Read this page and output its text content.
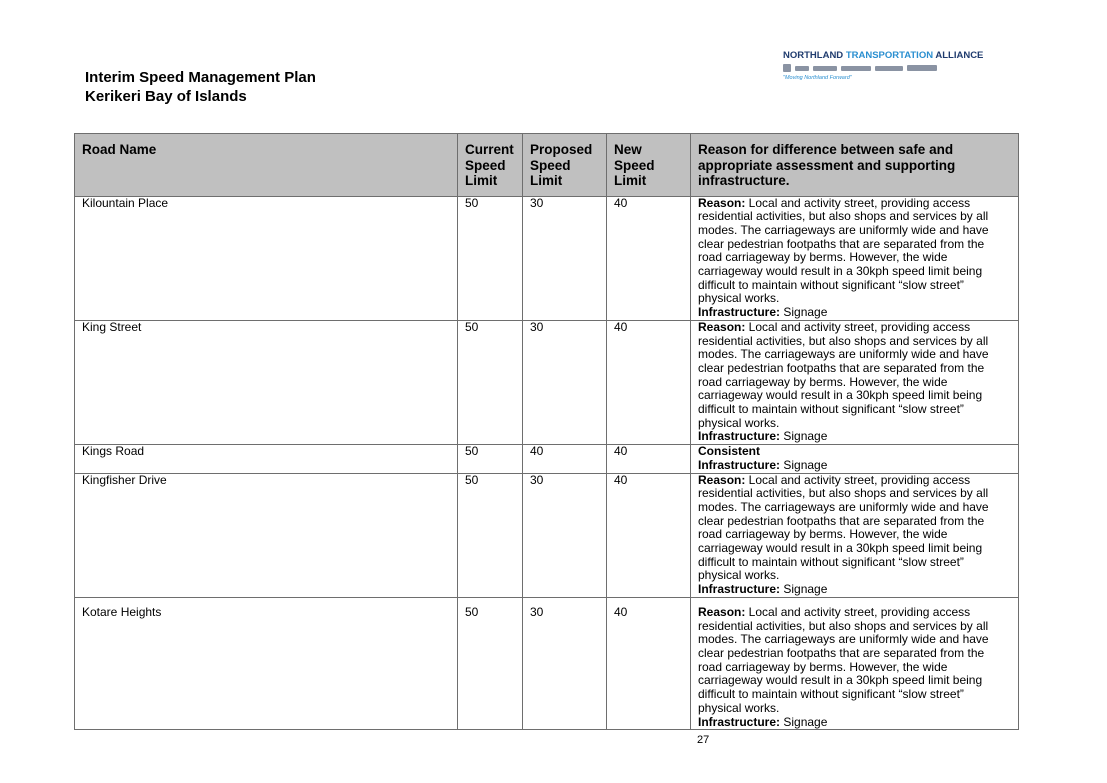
Interim Speed Management Plan
Kerikeri Bay of Islands
NORTHLAND TRANSPORTATION ALLIANCE
"Moving Northland Forward"
Road Name	Current Speed Limit	Proposed Speed Limit	New Speed Limit	Reason for difference between safe and appropriate assessment and supporting infrastructure.
Kilountain Place	50	30	40	Reason: Local and activity street, providing access residential activities, but also shops and services by all modes. The carriageways are uniformly wide and have clear pedestrian footpaths that are separated from the road carriageway by berms. However, the wide carriageway would result in a 30kph speed limit being difficult to maintain without significant “slow street” physical works.
Infrastructure: Signage

King Street	50	30	40	Reason: Local and activity street, providing access residential activities, but also shops and services by all modes. The carriageways are uniformly wide and have clear pedestrian footpaths that are separated from the road carriageway by berms. However, the wide carriageway would result in a 30kph speed limit being difficult to maintain without significant “slow street” physical works.
Infrastructure: Signage

Kings Road	50	40	40	Consistent
Infrastructure: Signage

Kingfisher Drive	50	30	40	Reason: Local and activity street, providing access residential activities, but also shops and services by all modes. The carriageways are uniformly wide and have clear pedestrian footpaths that are separated from the road carriageway by berms. However, the wide carriageway would result in a 30kph speed limit being difficult to maintain without significant “slow street” physical works.
Infrastructure: Signage

Kotare Heights	50	30	40	Reason: Local and activity street, providing access residential activities, but also shops and services by all modes. The carriageways are uniformly wide and have clear pedestrian footpaths that are separated from the road carriageway by berms. However, the wide carriageway would result in a 30kph speed limit being difficult to maintain without significant “slow street” physical works.
Infrastructure: Signage
27
